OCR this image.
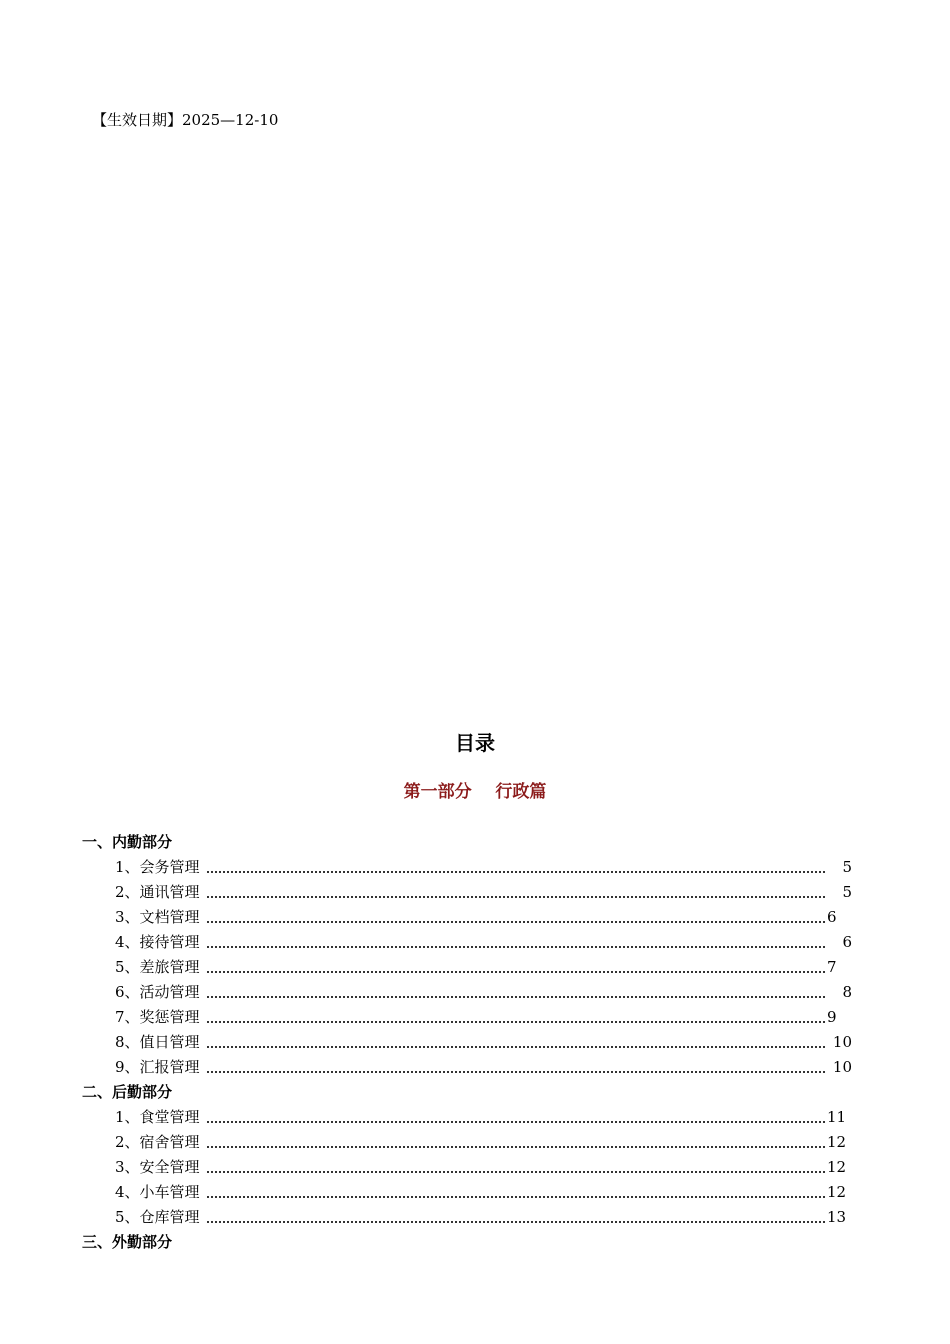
【生效日期】2025—12-10
目录
第一部分    行政篇
一、内勤部分
1、会务管理	5
2、通讯管理	5
3、文档管理	6
4、接待管理	6
5、差旅管理	7
6、活动管理	8
7、奖惩管理	9
8、值日管理	10
9、汇报管理	10
二、后勤部分
1、食堂管理	11
2、宿舍管理	12
3、安全管理	12
4、小车管理	12
5、仓库管理	13
三、外勤部分
